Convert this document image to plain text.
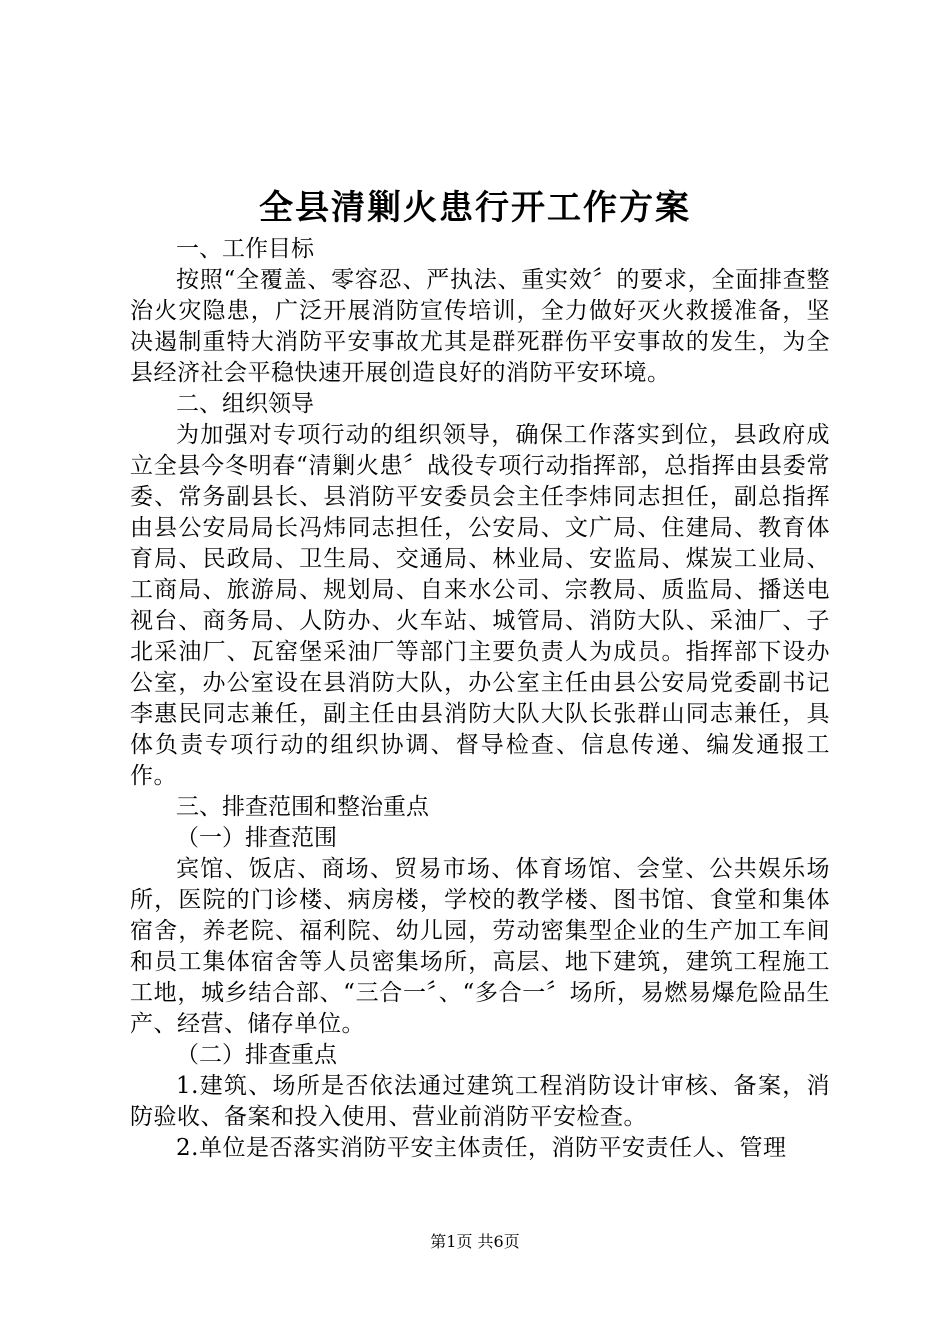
全县清剿火患行开工作方案
一、工作目标

按照“全覆盖、零容忍、严执法、重实效〞的要求，全面排查整治火灾隐患，广泛开展消防宣传培训，全力做好灭火救援准备，坚决遏制重特大消防平安事故尤其是群死群伤平安事故的发生，为全县经济社会平稳快速开展创造良好的消防平安环境。

二、组织领导

为加强对专项行动的组织领导，确保工作落实到位，县政府成立全县今冬明春“清剿火患〞战役专项行动指挥部，总指挥由县委常委、常务副县长、县消防平安委员会主任李炜同志担任，副总指挥由县公安局局长冯炜同志担任，公安局、文广局、住建局、教育体育局、民政局、卫生局、交通局、林业局、安监局、煤炭工业局、工商局、旅游局、规划局、自来水公司、宗教局、质监局、播送电视台、商务局、人防办、火车站、城管局、消防大队、采油厂、子北采油厂、瓦窑堡采油厂等部门主要负责人为成员。指挥部下设办公室，办公室设在县消防大队，办公室主任由县公安局党委副书记李惠民同志兼任，副主任由县消防大队大队长张群山同志兼任，具体负责专项行动的组织协调、督导检查、信息传递、编发通报工作。

三、排查范围和整治重点
（一）排查范围

宾馆、饭店、商场、贸易市场、体育场馆、会堂、公共娱乐场所，医院的门诊楼、病房楼，学校的教学楼、图书馆、食堂和集体宿舍，养老院、福利院、幼儿园，劳动密集型企业的生产加工车间和员工集体宿舍等人员密集场所，高层、地下建筑，建筑工程施工工地，城乡结合部、“三合一〞、“多合一〞场所，易燃易爆危险品生产、经营、储存单位。

（二）排查重点

1.建筑、场所是否依法通过建筑工程消防设计审核、备案，消防验收、备案和投入使用、营业前消防平安检查。

2.单位是否落实消防平安主体责任，消防平安责任人、管理

第1页 共6页
